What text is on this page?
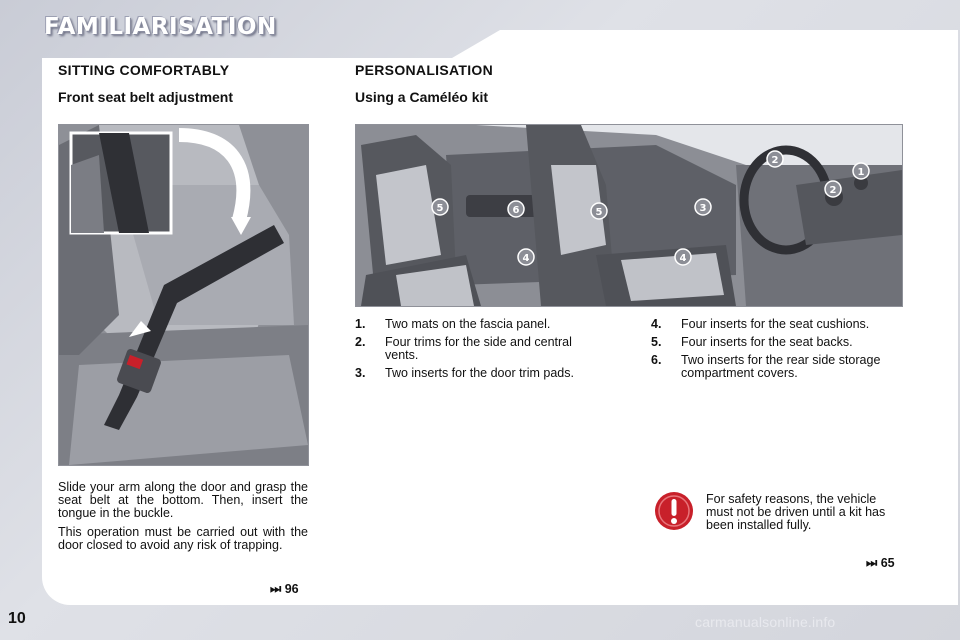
FAMILIARISATION
SITTING COMFORTABLY
Front seat belt adjustment

Slide your arm along the door and grasp the seat belt at the bottom. Then, insert the tongue in the buckle.

This operation must be carried out with the door closed to avoid any risk of trapping.

⏭ 96
PERSONALISATION
Using a Caméléo kit
1
2
2
3
4	4
5	5
6
1. Two mats on the fascia panel.
2. Four trims for the side and central vents.
3. Two inserts for the door trim pads.
4. Four inserts for the seat cushions.
5. Four inserts for the seat backs.
6. Two inserts for the rear side storage compartment covers.
For safety reasons, the vehicle must not be driven until a kit has been installed fully.
⏭ 65
10	carmanualsonline.info
